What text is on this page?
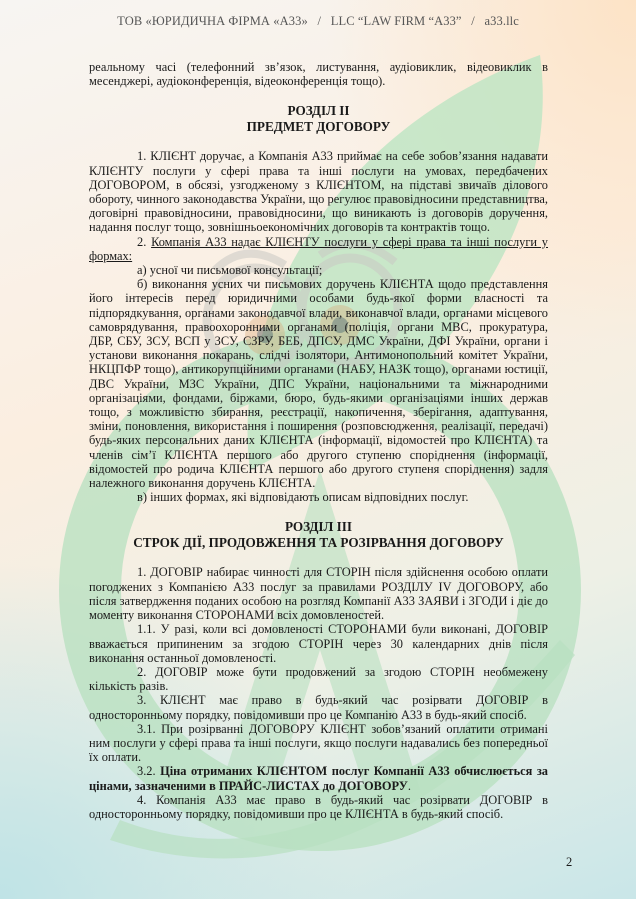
ТОВ «ЮРИДИЧНА ФІРМА «А33»   /   LLC “LAW FIRM “A33”   /   a33.llc

реальному часі (телефонний зв’язок, листування, аудіовиклик, відеовиклик в месенджері, аудіоконференція, відеоконференція тощо).

РОЗДІЛ ІІ

ПРЕДМЕТ ДОГОВОРУ

1. КЛІЄНТ доручає, а Компанія А33 приймає на себе зобов’язання надавати КЛІЄНТУ послуги у сфері права та інші послуги на умовах, передбачених ДОГОВОРОМ, в обсязі, узгодженому з КЛІЄНТОМ, на підставі звичаїв ділового обороту, чинного законодавства України, що регулює правовідносини представництва, договірні правовідносини, правовідносини, що виникають із договорів доручення, надання послуг тощо, зовнішньоекономічних договорів та контрактів тощо.

2. Компанія А33 надає КЛІЄНТУ послуги у сфері права та інші послуги у формах:

а) усної чи письмової консультації;

б) виконання усних чи письмових доручень КЛІЄНТА щодо представлення його інтересів перед юридичними особами будь-якої форми власності та підпорядкування, органами законодавчої влади, виконавчої влади, органами місцевого самоврядування, правоохоронними органами (поліція, органи МВС, прокуратура, ДБР, СБУ, ЗСУ, ВСП у ЗСУ, СЗРУ, БЕБ, ДПСУ, ДМС України, ДФІ України, органи і установи виконання покарань, слідчі ізолятори, Антимонопольний комітет України, НКЦПФР тощо), антикорупційними органами (НАБУ, НАЗК тощо), органами юстиції, ДВС України, МЗС України, ДПС України, національними та міжнародними організаціями, фондами, біржами, бюро, будь-якими організаціями інших держав тощо, з можливістю збирання, реєстрації, накопичення, зберігання, адаптування, зміни, поновлення, використання і поширення (розповсюдження, реалізації, передачі) будь-яких персональних даних КЛІЄНТА (інформації, відомостей про КЛІЄНТА) та членів сім’ї КЛІЄНТА першого або другого ступеню споріднення (інформації, відомостей про родича КЛІЄНТА першого або другого ступеня споріднення) задля належного виконання доручень КЛІЄНТА.

в) інших формах, які відповідають описам відповідних послуг.

РОЗДІЛ ІІІ

СТРОК ДІЇ, ПРОДОВЖЕННЯ ТА РОЗІРВАННЯ ДОГОВОРУ

1. ДОГОВІР набирає чинності для СТОРІН після здійснення особою оплати погоджених з Компанією А33 послуг за правилами РОЗДІЛУ IV ДОГОВОРУ, або після затвердження поданих особою на розгляд Компанії А33 ЗАЯВИ і ЗГОДИ і діє до моменту виконання СТОРОНАМИ всіх домовленостей.

1.1. У разі, коли всі домовленості СТОРОНАМИ були виконані, ДОГОВІР вважається припиненим за згодою СТОРІН через 30 календарних днів після виконання останньої домовленості.

2. ДОГОВІР може бути продовжений за згодою СТОРІН необмежену кількість разів.

3. КЛІЄНТ має право в будь-який час розірвати ДОГОВІР в односторонньому порядку, повідомивши про це Компанію А33 в будь-який спосіб.

3.1. При розірванні ДОГОВОРУ КЛІЄНТ зобов’язаний оплатити отримані ним послуги у сфері права та інші послуги, якщо послуги надавались без попередньої їх оплати.

3.2. Ціна отриманих КЛІЄНТОМ послуг Компанії А33 обчислюється за цінами, зазначеними в ПРАЙС-ЛИСТАХ до ДОГОВОРУ.

4. Компанія А33 має право в будь-який час розірвати ДОГОВІР в односторонньому порядку, повідомивши про це КЛІЄНТА в будь-який спосіб.

2
